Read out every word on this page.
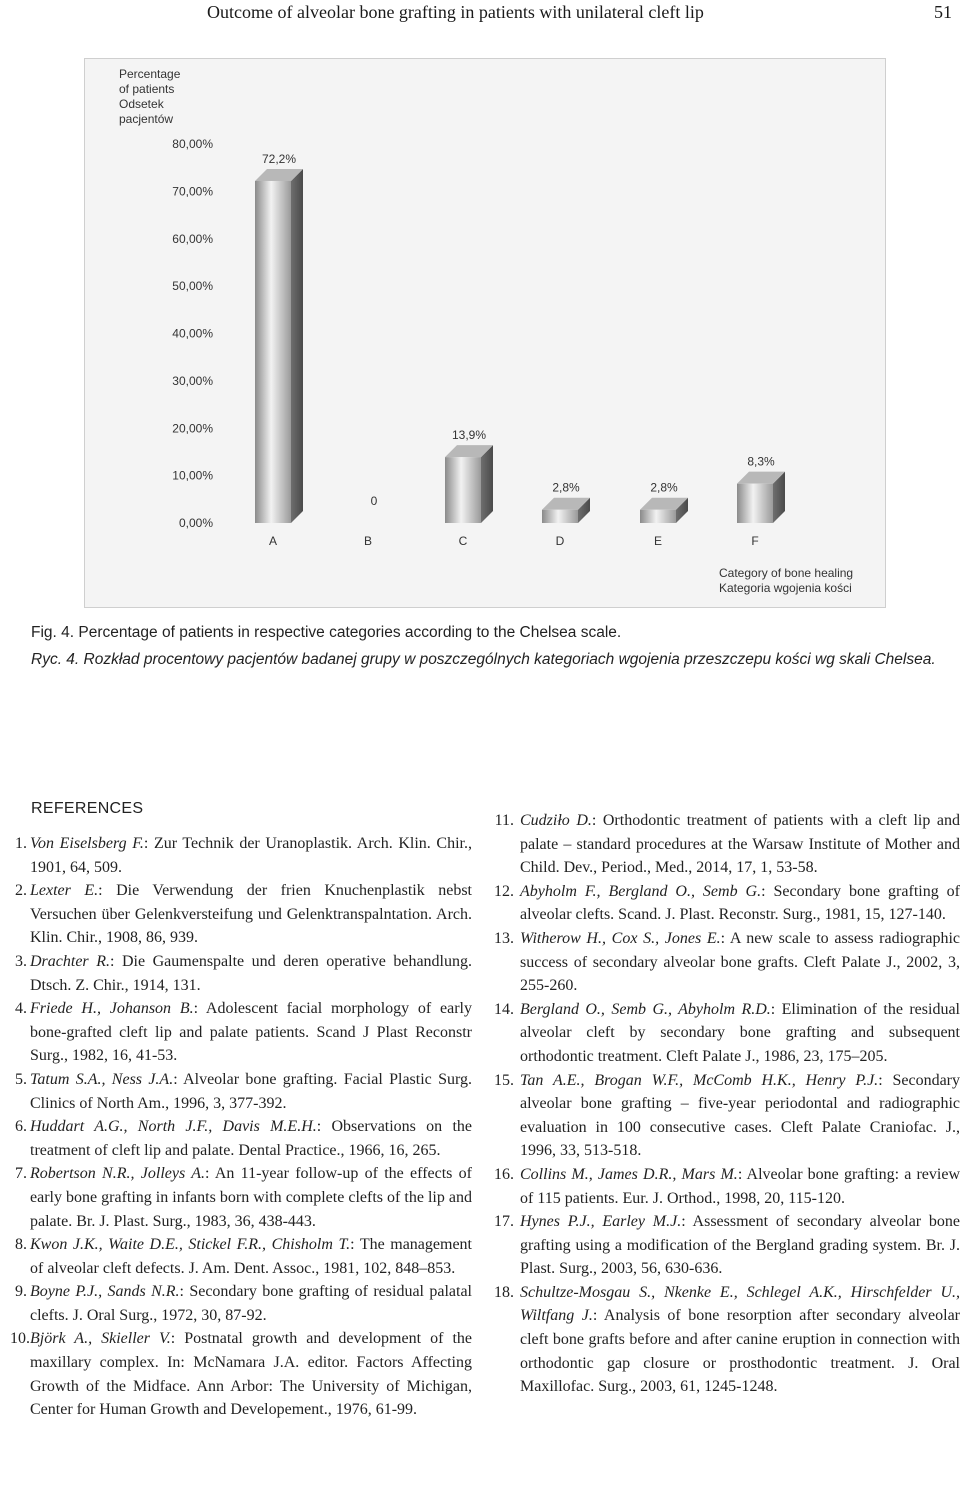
Outcome of alveolar bone grafting in patients with unilateral cleft lip	51
Percentage
of patients
Odsetek
pacjentów
0,00%
10,00%
20,00%
30,00%
40,00%
50,00%
60,00%
70,00%
80,00%
72,2%
A
0
B
13,9%
C
2,8%
D
2,8%
E
8,3%
F
Category of bone healing
Kategoria wgojenia kości
Fig. 4. Percentage of patients in respective categories according to the Chelsea scale.
Ryc. 4. Rozkład procentowy pacjentów badanej grupy w poszczególnych kategoriach wgojenia przeszczepu kości wg skali Chelsea.
REFERENCES

1. Von Eiselsberg F.: Zur Technik der Uranoplastik. Arch. Klin. Chir., 1901, 64, 509.

2. Lexter E.: Die Verwendung der frien Knuchenplastik nebst Versuchen über Gelenkversteifung und Gelenktranspalntation. Arch. Klin. Chir., 1908, 86, 939.

3. Drachter R.: Die Gaumenspalte und deren operative behandlung. Dtsch. Z. Chir., 1914, 131.

4. Friede H., Johanson B.: Adolescent facial morphology of early bone-grafted cleft lip and palate patients. Scand J Plast Reconstr Surg., 1982, 16, 41-53.

5. Tatum S.A., Ness J.A.: Alveolar bone grafting. Facial Plastic Surg. Clinics of North Am., 1996, 3, 377-392.

6. Huddart A.G., North J.F., Davis M.E.H.: Observations on the treatment of cleft lip and palate. Dental Practice., 1966, 16, 265.

7. Robertson N.R., Jolleys A.: An 11-year follow-up of the effects of early bone grafting in infants born with complete clefts of the lip and palate. Br. J. Plast. Surg., 1983, 36, 438-443.

8. Kwon J.K., Waite D.E., Stickel F.R., Chisholm T.: The management of alveolar cleft defects. J. Am. Dent. Assoc., 1981, 102, 848–853.

9. Boyne P.J., Sands N.R.: Secondary bone grafting of residual palatal clefts. J. Oral Surg., 1972, 30, 87-92.

10. Björk A., Skieller V.: Postnatal growth and development of the maxillary complex. In: McNamara J.A. editor. Factors Affecting Growth of the Midface. Ann Arbor: The University of Michigan, Center for Human Growth and Developement., 1976, 61-99.

11. Cudziło D.: Orthodontic treatment of patients with a cleft lip and palate – standard procedures at the Warsaw Institute of Mother and Child. Dev., Period., Med., 2014, 17, 1, 53-58.

12. Abyholm F., Bergland O., Semb G.: Secondary bone grafting of alveolar clefts. Scand. J. Plast. Reconstr. Surg., 1981, 15, 127-140.

13. Witherow H., Cox S., Jones E.: A new scale to assess radiographic success of secondary alveolar bone grafts. Cleft Palate J., 2002, 3, 255-260.

14. Bergland O., Semb G., Abyholm R.D.: Elimination of the residual alveolar cleft by secondary bone grafting and subsequent orthodontic treatment. Cleft Palate J., 1986, 23, 175–205.

15. Tan A.E., Brogan W.F., McComb H.K., Henry P.J.: Secondary alveolar bone grafting – five-year periodontal and radiographic evaluation in 100 consecutive cases. Cleft Palate Craniofac. J., 1996, 33, 513-518.

16. Collins M., James D.R., Mars M.: Alveolar bone grafting: a review of 115 patients. Eur. J. Orthod., 1998, 20, 115-120.

17. Hynes P.J., Earley M.J.: Assessment of secondary alveolar bone grafting using a modification of the Bergland grading system. Br. J. Plast. Surg., 2003, 56, 630-636.

18. Schultze-Mosgau S., Nkenke E., Schlegel A.K., Hirschfelder U., Wiltfang J.: Analysis of bone resorption after secondary alveolar cleft bone grafts before and after canine eruption in connection with orthodontic gap closure or prosthodontic treatment. J. Oral Maxillofac. Surg., 2003, 61, 1245-1248.
